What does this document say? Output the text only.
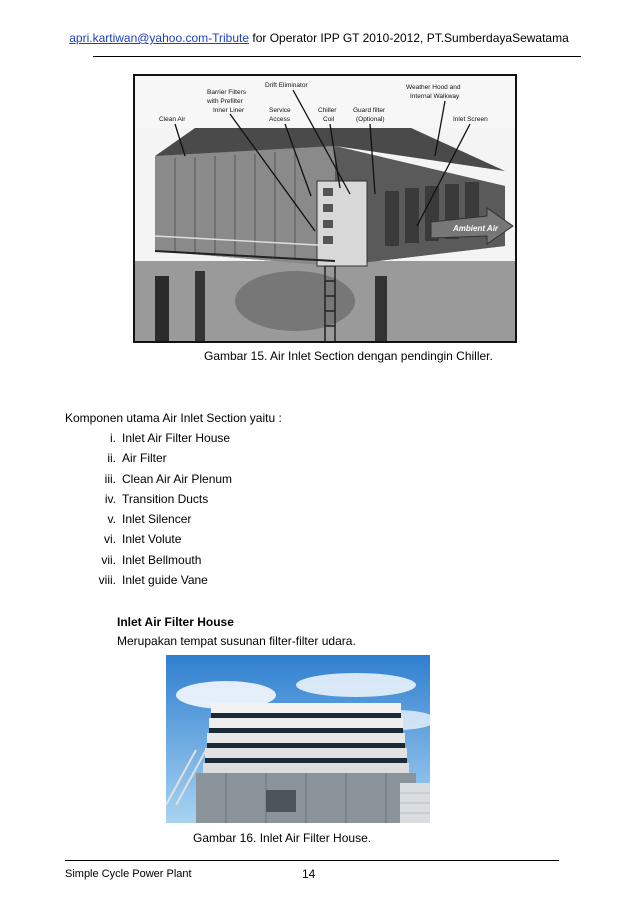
apri.kartiwan@yahoo.com-Tribute for Operator IPP GT 2010-2012, PT.SumberdayaSewatama
Ambient Air
Drift Eliminator
Barrier Filters
with Prefilter
Inner Liner
Weather Hood and
Internal Walkway
Clean Air
Service
Access
Chiller
Coil
Guard filter
(Optional)	Inlet Screen
Gambar 15. Air Inlet Section dengan pendingin Chiller.
Komponen utama Air Inlet Section yaitu :
i. Inlet Air Filter House
ii. Air Filter
iii. Clean Air Air Plenum
iv. Transition Ducts
v. Inlet Silencer
vi. Inlet Volute
vii. Inlet Bellmouth
viii. Inlet guide Vane
Inlet Air Filter House
Merupakan tempat susunan filter-filter udara.
Gambar 16. Inlet Air Filter House.
Simple Cycle Power Plant	14
